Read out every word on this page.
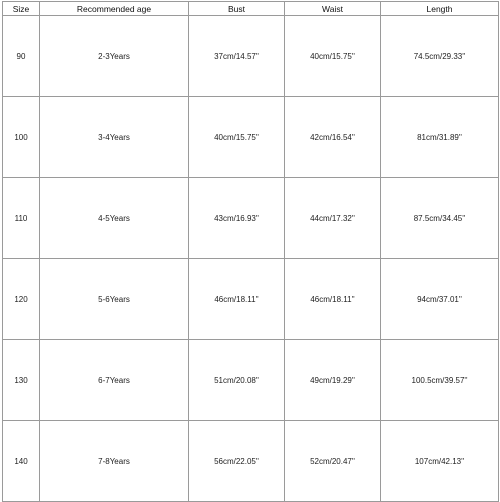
Size	Recommended age	Bust	Waist	Length
90	2-3Years	37cm/14.57''	40cm/15.75''	74.5cm/29.33''
100	3-4Years	40cm/15.75''	42cm/16.54''	81cm/31.89''
110	4-5Years	43cm/16.93''	44cm/17.32''	87.5cm/34.45''
120	5-6Years	46cm/18.11''	46cm/18.11''	94cm/37.01''
130	6-7Years	51cm/20.08''	49cm/19.29''	100.5cm/39.57''
140	7-8Years	56cm/22.05''	52cm/20.47''	107cm/42.13''
